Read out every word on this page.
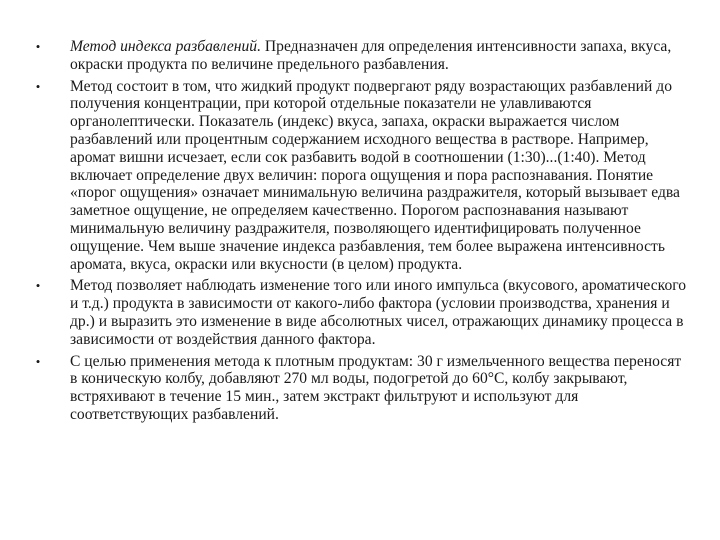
• Метод индекса разбавлений. Предназначен для определения интенсивности запаха, вкуса, окраски продукта по величине предельного разбавления.
• Метод состоит в том, что жидкий продукт подвергают ряду возрастающих разбавлений до получения концентрации, при которой отдельные показатели не улавливаются органолептически. Показатель (индекс) вкуса, запаха, окраски выражается числом разбавлений или процентным содержанием исходного вещества в растворе. Например, аромат вишни исчезает, если сок разбавить водой в соотношении (1:30)...(1:40). Метод включает определение двух величин: порога ощущения и пора распознавания. Понятие «порог ощущения» означает минимальную величина раздражителя, который вызывает едва заметное ощущение, не определяем качественно. Порогом распознавания называют минимальную величину раздражителя, позволяющего идентифицировать полученное ощущение. Чем выше значение индекса разбавления, тем более выражена интенсивность аромата, вкуса, окраски или вкусности (в целом) продукта.
• Метод позволяет наблюдать изменение того или иного импульса (вкусового, ароматического и т.д.) продукта в зависимости от какого-либо фактора (условии производства, хранения и др.) и выразить это изменение в виде абсолютных чисел, отражающих динамику процесса в зависимости от воздействия данного фактора.
• С целью применения метода к плотным продуктам: 30 г измельченного вещества переносят в коническую колбу, добавляют 270 мл воды, подогретой до 60°С, колбу закрывают, встряхивают в течение 15 мин., затем экстракт фильтруют и используют для соответствующих разбавлений.
